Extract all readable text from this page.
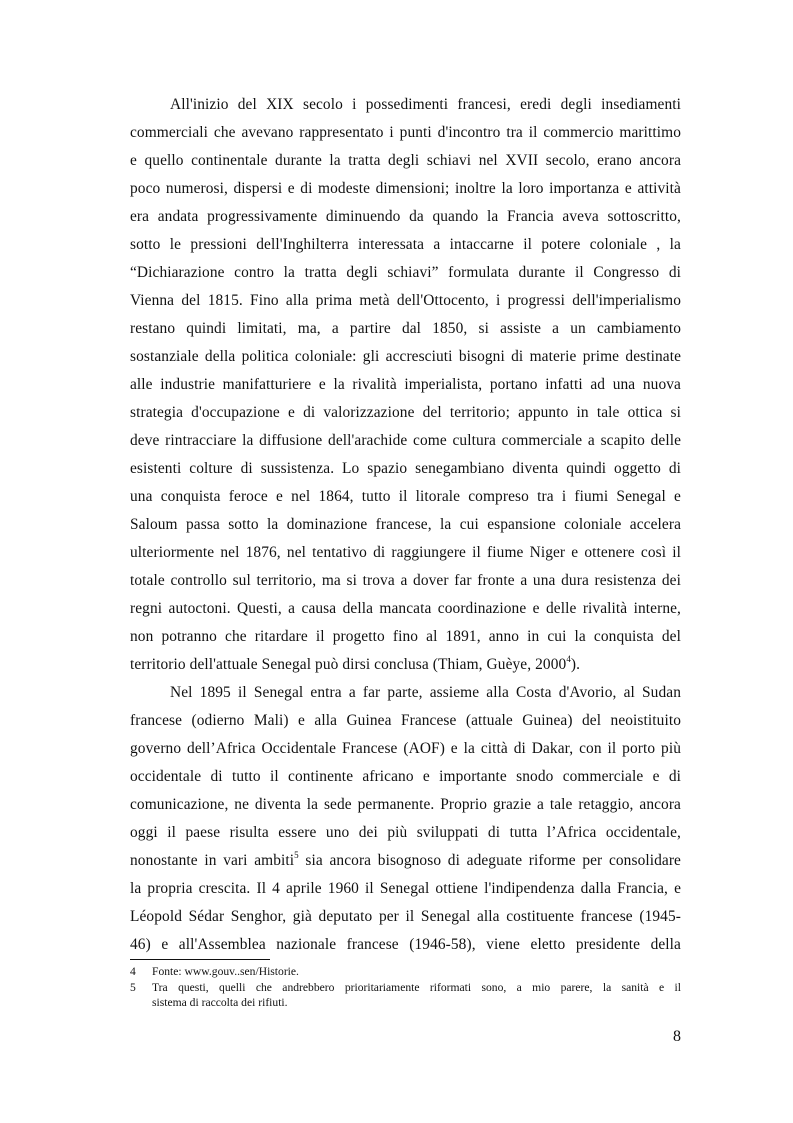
All'inizio del XIX secolo i possedimenti francesi, eredi degli insediamenti
commerciali che avevano rappresentato i punti d'incontro tra il commercio marittimo
e quello continentale durante la tratta degli schiavi nel XVII secolo, erano ancora
poco numerosi, dispersi e di modeste dimensioni; inoltre la loro importanza e attività
era andata progressivamente diminuendo da quando la Francia aveva sottoscritto,
sotto le pressioni dell'Inghilterra interessata a intaccarne il potere coloniale , la
“Dichiarazione contro la tratta degli schiavi” formulata durante il Congresso di
Vienna del 1815. Fino alla prima metà dell'Ottocento, i progressi dell'imperialismo
restano quindi limitati, ma, a partire dal 1850, si assiste a un cambiamento
sostanziale della politica coloniale: gli accresciuti bisogni di materie prime destinate
alle industrie manifatturiere e la rivalità imperialista, portano infatti ad una nuova
strategia d'occupazione e di valorizzazione del territorio; appunto in tale ottica si
deve rintracciare la diffusione dell'arachide come cultura commerciale a scapito delle
esistenti colture di sussistenza. Lo spazio senegambiano diventa quindi oggetto di
una conquista feroce e nel 1864, tutto il litorale compreso tra i fiumi Senegal e
Saloum passa sotto la dominazione francese, la cui espansione coloniale accelera
ulteriormente nel 1876, nel tentativo di raggiungere il fiume Niger e ottenere così il
totale controllo sul territorio, ma si trova a dover far fronte a una dura resistenza dei
regni autoctoni. Questi, a causa della mancata coordinazione e delle rivalità interne,
non potranno che ritardare il progetto fino al 1891, anno in cui la conquista del
territorio dell'attuale Senegal può dirsi conclusa (Thiam, Guèye, 2000$^4$).
Nel 1895 il Senegal entra a far parte, assieme alla Costa d'Avorio, al Sudan
francese (odierno Mali) e alla Guinea Francese (attuale Guinea) del neoistituito
governo dell’Africa Occidentale Francese (AOF) e la città di Dakar, con il porto più
occidentale di tutto il continente africano e importante snodo commerciale e di
comunicazione, ne diventa la sede permanente. Proprio grazie a tale retaggio, ancora
oggi il paese risulta essere uno dei più sviluppati di tutta l’Africa occidentale,
nonostante in vari ambiti$^5$ sia ancora bisognoso di adeguate riforme per consolidare
la propria crescita. Il 4 aprile 1960 il Senegal ottiene l'indipendenza dalla Francia, e
Léopold Sédar Senghor, già deputato per il Senegal alla costituente francese (1945-
46) e all'Assemblea nazionale francese (1946-58), viene eletto presidente della
4 Fonte: www.gouv..sen/Historie.
5 Tra questi, quelli che andrebbero prioritariamente riformati sono, a mio parere, la sanità e il
sistema di raccolta dei rifiuti.
8
